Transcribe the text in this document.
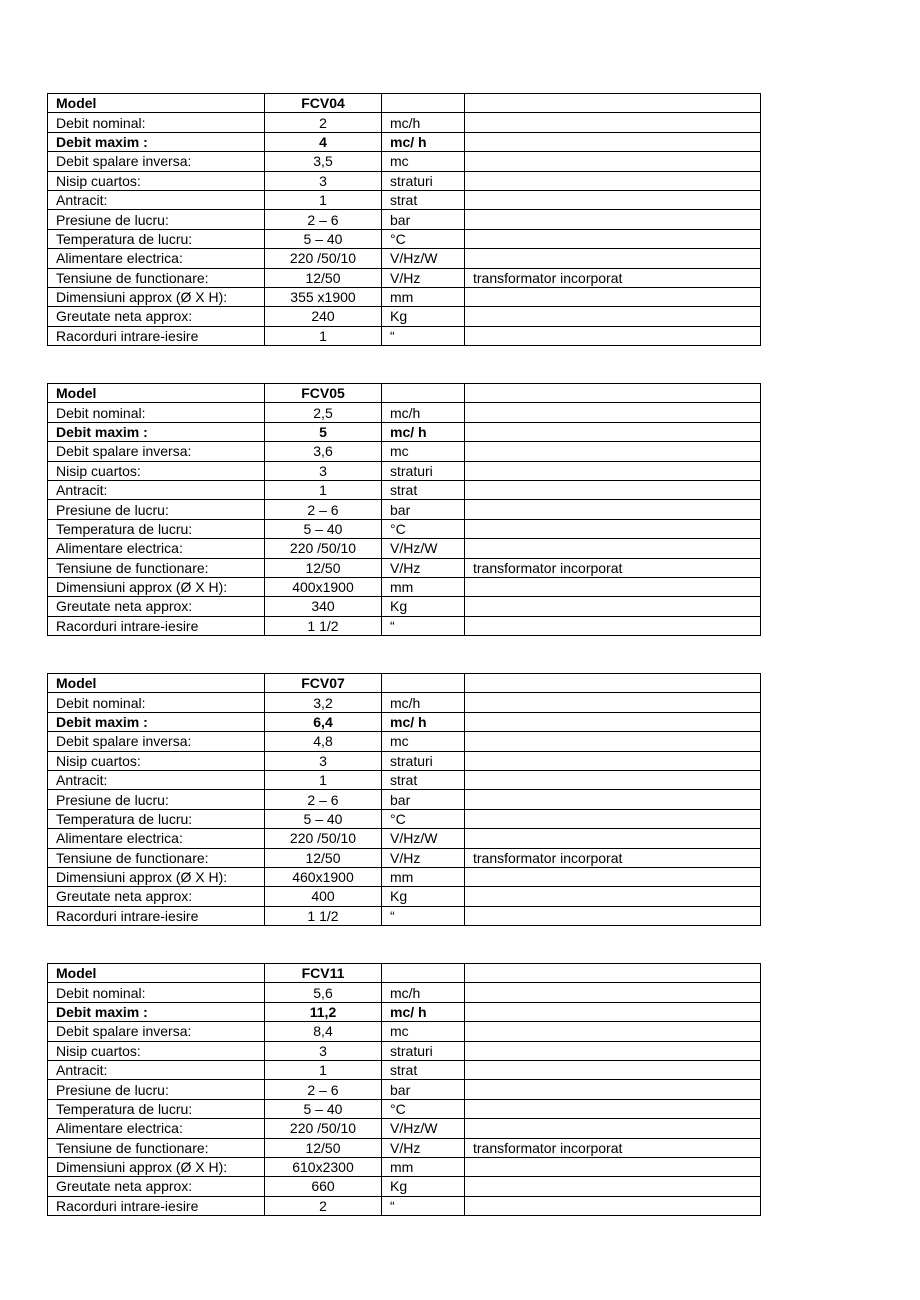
Model	FCV04		
Debit nominal:	2	mc/h	
Debit maxim :	4	mc/ h	
Debit spalare inversa:	3,5	mc	
Nisip cuartos:	3	straturi	
Antracit:	1	strat	
Presiune de lucru:	2 – 6	bar	
Temperatura de lucru:	5 – 40	°C	
Alimentare electrica:	220 /50/10	V/Hz/W	
Tensiune de functionare:	12/50	V/Hz	transformator incorporat
Dimensiuni approx (Ø X H):	355 x1900	mm	
Greutate neta approx:	240	Kg	
Racorduri intrare-iesire	1	“	
Model	FCV05		
Debit nominal:	2,5	mc/h	
Debit maxim :	5	mc/ h	
Debit spalare inversa:	3,6	mc	
Nisip cuartos:	3	straturi	
Antracit:	1	strat	
Presiune de lucru:	2 – 6	bar	
Temperatura de lucru:	5 – 40	°C	
Alimentare electrica:	220 /50/10	V/Hz/W	
Tensiune de functionare:	12/50	V/Hz	transformator incorporat
Dimensiuni approx (Ø X H):	400x1900	mm	
Greutate neta approx:	340	Kg	
Racorduri intrare-iesire	1 1/2	“	
Model	FCV07		
Debit nominal:	3,2	mc/h	
Debit maxim :	6,4	mc/ h	
Debit spalare inversa:	4,8	mc	
Nisip cuartos:	3	straturi	
Antracit:	1	strat	
Presiune de lucru:	2 – 6	bar	
Temperatura de lucru:	5 – 40	°C	
Alimentare electrica:	220 /50/10	V/Hz/W	
Tensiune de functionare:	12/50	V/Hz	transformator incorporat
Dimensiuni approx (Ø X H):	460x1900	mm	
Greutate neta approx:	400	Kg	
Racorduri intrare-iesire	1 1/2	“	
Model	FCV11		
Debit nominal:	5,6	mc/h	
Debit maxim :	11,2	mc/ h	
Debit spalare inversa:	8,4	mc	
Nisip cuartos:	3	straturi	
Antracit:	1	strat	
Presiune de lucru:	2 – 6	bar	
Temperatura de lucru:	5 – 40	°C	
Alimentare electrica:	220 /50/10	V/Hz/W	
Tensiune de functionare:	12/50	V/Hz	transformator incorporat
Dimensiuni approx (Ø X H):	610x2300	mm	
Greutate neta approx:	660	Kg	
Racorduri intrare-iesire	2	“	
